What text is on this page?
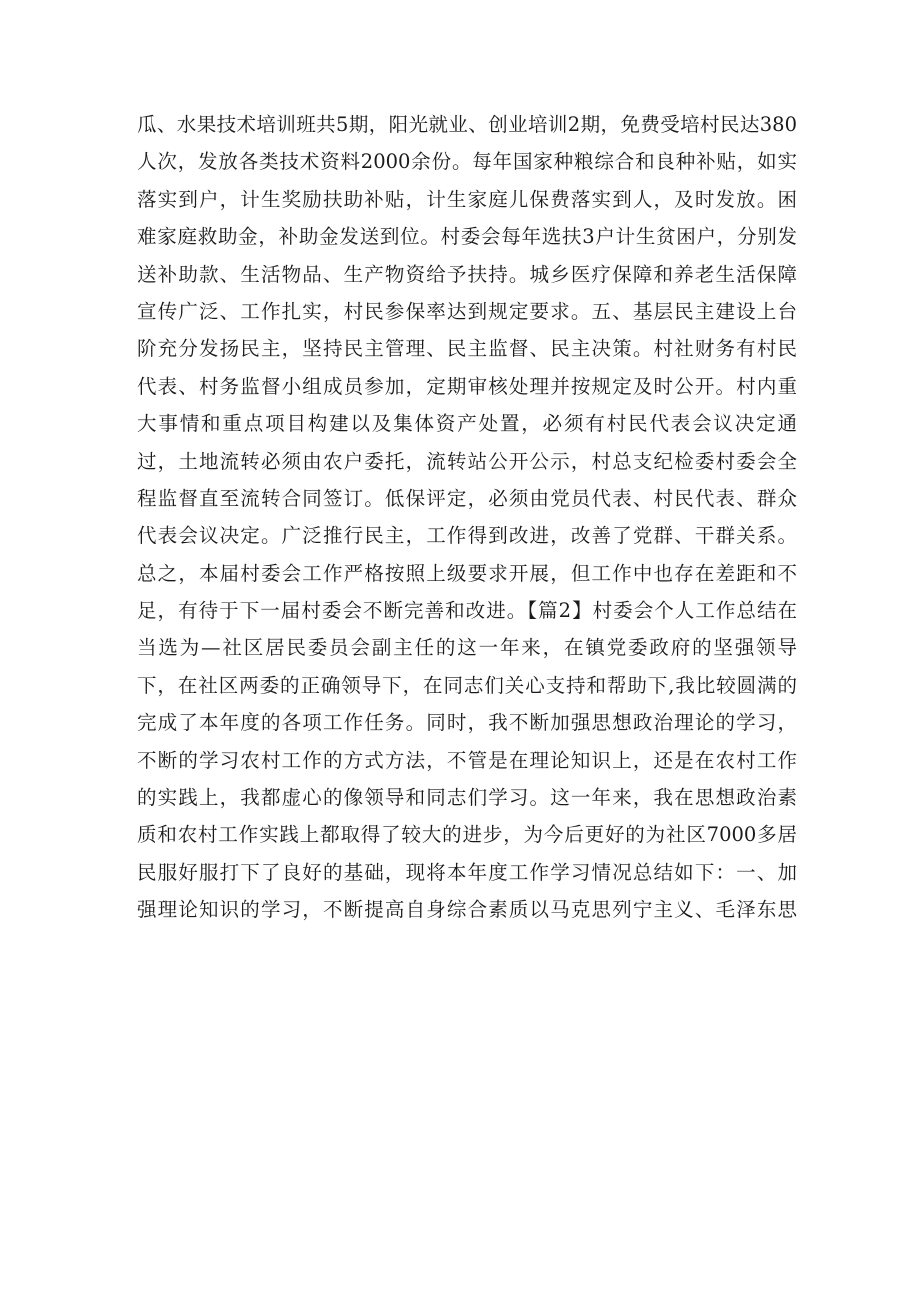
瓜、水果技术培训班共5期，阳光就业、创业培训2期，免费受培村民达380
人次，发放各类技术资料2000余份。每年国家种粮综合和良种补贴，如实
落实到户，计生奖励扶助补贴，计生家庭儿保费落实到人，及时发放。困
难家庭救助金，补助金发送到位。村委会每年选扶3户计生贫困户，分别发
送补助款、生活物品、生产物资给予扶持。城乡医疗保障和养老生活保障
宣传广泛、工作扎实，村民参保率达到规定要求。五、基层民主建设上台
阶充分发扬民主，坚持民主管理、民主监督、民主决策。村社财务有村民
代表、村务监督小组成员参加，定期审核处理并按规定及时公开。村内重
大事情和重点项目构建以及集体资产处置，必须有村民代表会议决定通
过，土地流转必须由农户委托，流转站公开公示，村总支纪检委村委会全
程监督直至流转合同签订。低保评定，必须由党员代表、村民代表、群众
代表会议决定。广泛推行民主，工作得到改进，改善了党群、干群关系。
总之，本届村委会工作严格按照上级要求开展，但工作中也存在差距和不
足，有待于下一届村委会不断完善和改进。【篇2】村委会个人工作总结在
当选为—社区居民委员会副主任的这一年来，在镇党委政府的坚强领导
下，在社区两委的正确领导下，在同志们关心支持和帮助下,我比较圆满的
完成了本年度的各项工作任务。同时，我不断加强思想政治理论的学习，
不断的学习农村工作的方式方法，不管是在理论知识上，还是在农村工作
的实践上，我都虚心的像领导和同志们学习。这一年来，我在思想政治素
质和农村工作实践上都取得了较大的进步，为今后更好的为社区7000多居
民服好服打下了良好的基础，现将本年度工作学习情况总结如下：一、加
强理论知识的学习，不断提高自身综合素质以马克思列宁主义、毛泽东思
